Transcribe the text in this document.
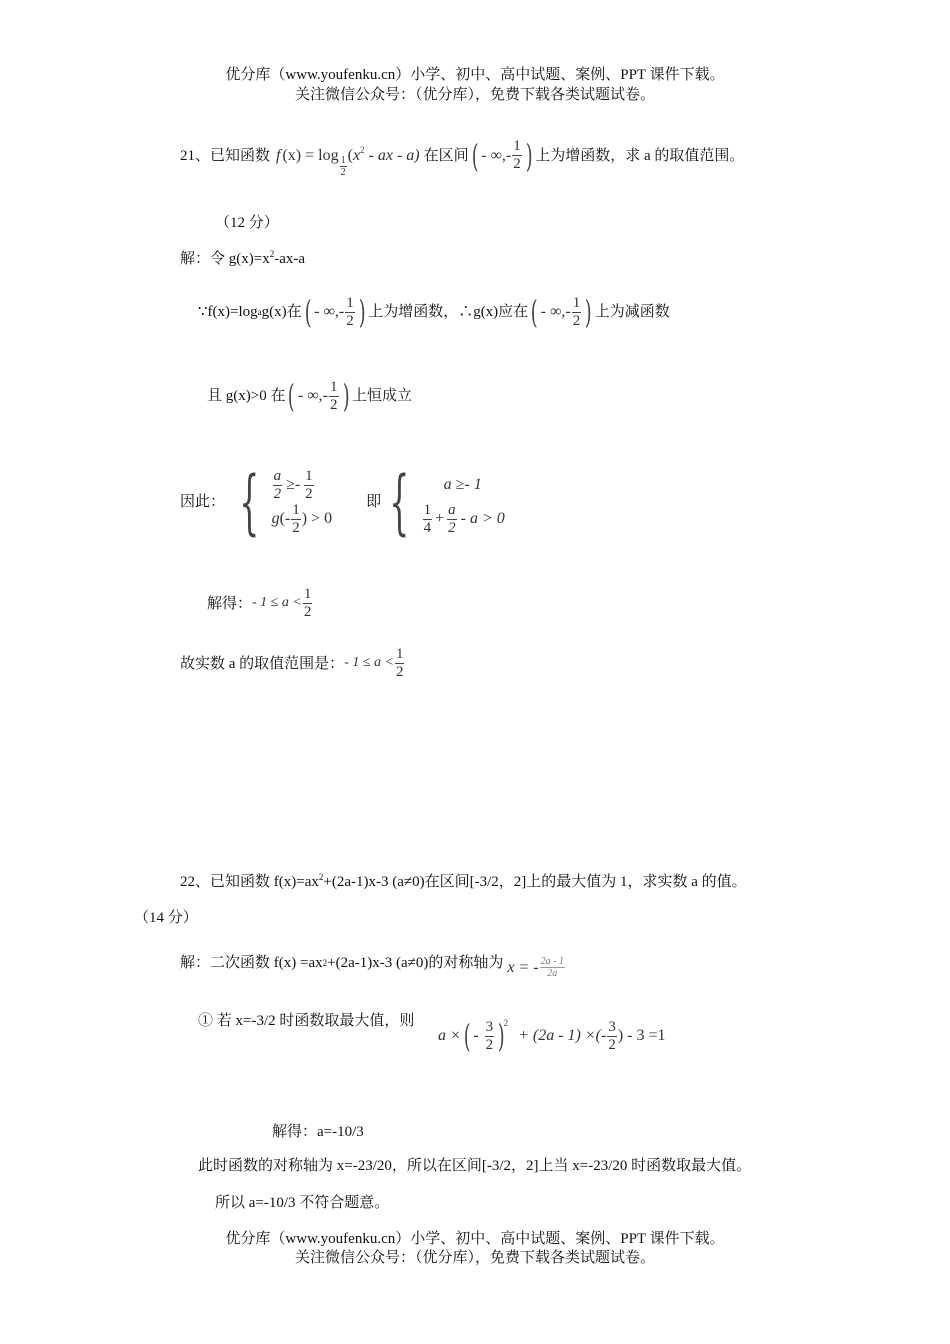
优分库（www.youfenku.cn）小学、初中、高中试题、案例、PPT 课件下载。
关注微信公众号：（优分库），免费下载各类试题试卷。
21、已知函数 f $(x) = \log \frac{1}{2}$ ( x 2 - ax - a) 在区间 ( - ∞,- $\frac{1}{2}$ ) 上为增函数，求 a 的取值范围。
（12 分）
解：令 $g(x)=x^2-ax-a$
∵f(x)=log a g(x)在 ( - ∞,- $\frac{1}{2}$ ) 上为增函数，∴g(x)应在 ( - ∞,- $\frac{1}{2}$ ) 上为减函数
且 g(x)>0 在 ( - ∞,- $\frac{1}{2}$ ) 上恒成立
因此： { $\frac{a}{2} \ge- \frac{1}{2}$
g (- $\frac{1}{2}$ ) > 0
即 { a ≥- 1
$\frac{1}{4} + \frac{a}{2} - a > 0$
解得： - $1 \le a < \frac{1}{2}$
故实数 a 的取值范围是： - $1 \le a < \frac{1}{2}$
22、已知函数 $f(x)=ax^2+(2a-1)x-3$ (a≠0)在区间[-3/2，2]上的最大值为 1，求实数 a 的值。
（14 分）
解：二次函数 f(x) =ax 2 +(2a-1)x-3 (a≠0)的对称轴为 x = - $\frac{2a - 1}{2a}$
① 若 x=-3/2 时函数取最大值，则
a × ( - $\frac{3}{2}$ )
2
+ (2a - 1) ×(- $\frac{3}{2}$ ) - 3 =1
解得：a=-10/3
此时函数的对称轴为 x=-23/20，所以在区间[-3/2，2]上当 x=-23/20 时函数取最大值。
所以 a=-10/3 不符合题意。
优分库（www.youfenku.cn）小学、初中、高中试题、案例、PPT 课件下载。
关注微信公众号：（优分库），免费下载各类试题试卷。
